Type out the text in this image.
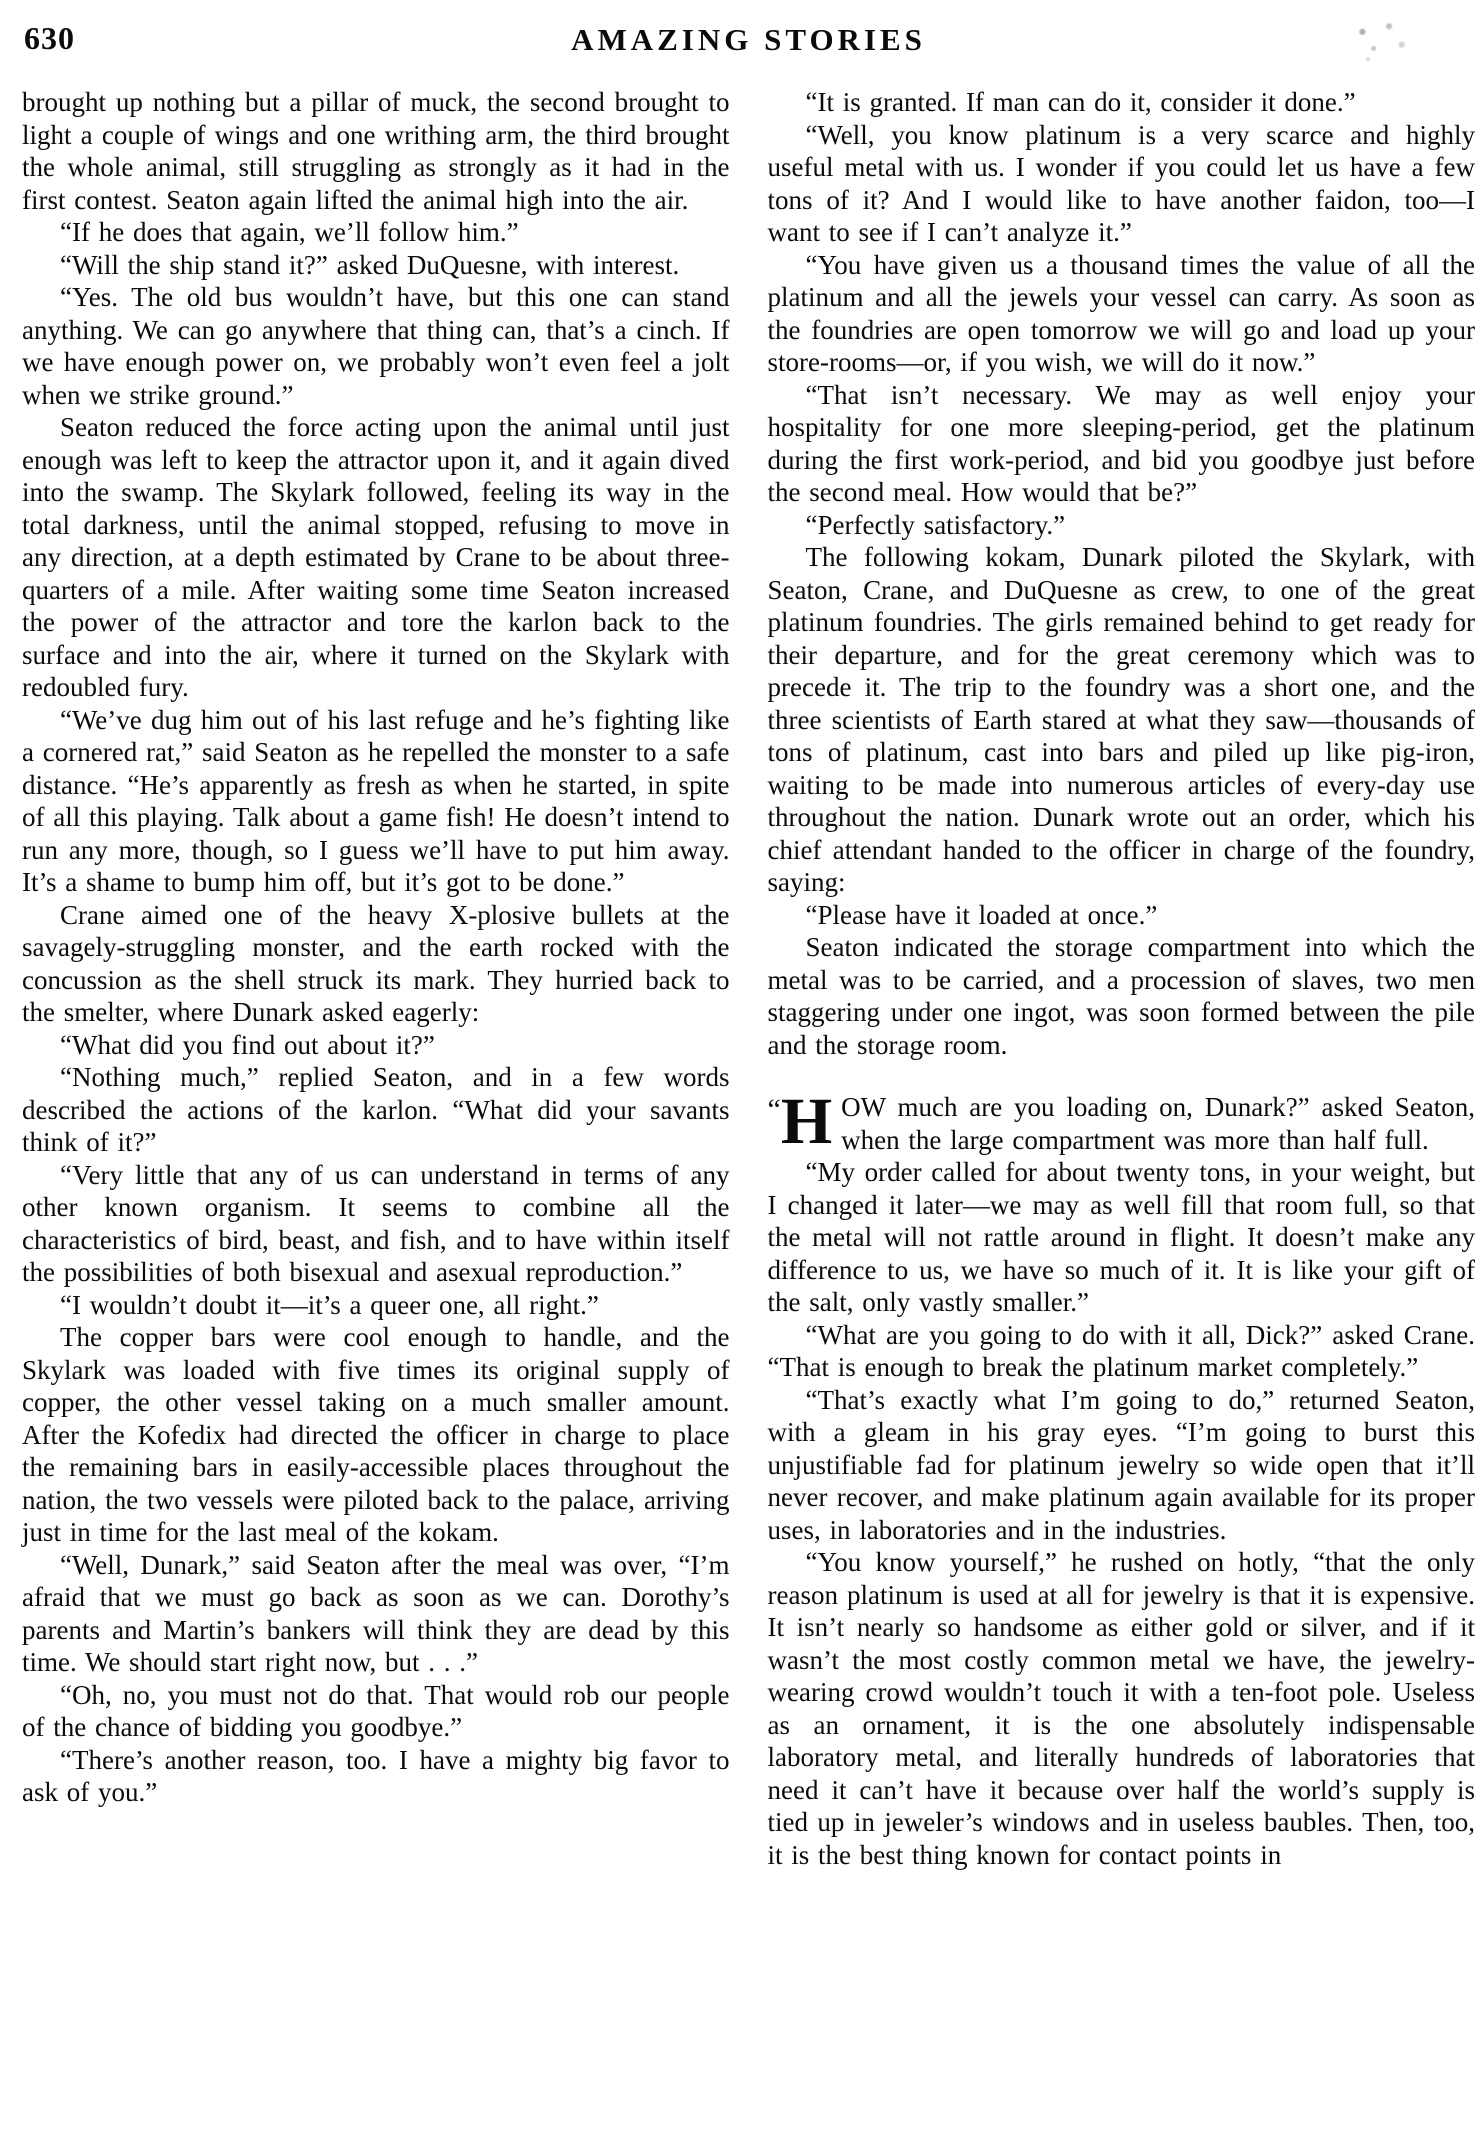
630	AMAZING STORIES

brought up nothing but a pillar of muck, the second brought to light a couple of wings and one writhing arm, the third brought the whole animal, still struggling as strongly as it had in the first contest. Seaton again lifted the animal high into the air.

“If he does that again, we’ll follow him.”

“Will the ship stand it?” asked DuQuesne, with interest.

“Yes. The old bus wouldn’t have, but this one can stand anything. We can go anywhere that thing can, that’s a cinch. If we have enough power on, we probably won’t even feel a jolt when we strike ground.”

Seaton reduced the force acting upon the animal until just enough was left to keep the attractor upon it, and it again dived into the swamp. The Skylark followed, feeling its way in the total darkness, until the animal stopped, refusing to move in any direction, at a depth estimated by Crane to be about three-quarters of a mile. After waiting some time Seaton increased the power of the attractor and tore the karlon back to the surface and into the air, where it turned on the Skylark with redoubled fury.

“We’ve dug him out of his last refuge and he’s fighting like a cornered rat,” said Seaton as he repelled the monster to a safe distance. “He’s apparently as fresh as when he started, in spite of all this playing. Talk about a game fish! He doesn’t intend to run any more, though, so I guess we’ll have to put him away. It’s a shame to bump him off, but it’s got to be done.”

Crane aimed one of the heavy X-plosive bullets at the savagely-struggling monster, and the earth rocked with the concussion as the shell struck its mark. They hurried back to the smelter, where Dunark asked eagerly:

“What did you find out about it?”

“Nothing much,” replied Seaton, and in a few words described the actions of the karlon. “What did your savants think of it?”

“Very little that any of us can understand in terms of any other known organism. It seems to combine all the characteristics of bird, beast, and fish, and to have within itself the possibilities of both bisexual and asexual reproduction.”

“I wouldn’t doubt it—it’s a queer one, all right.”

The copper bars were cool enough to handle, and the Skylark was loaded with five times its original supply of copper, the other vessel taking on a much smaller amount. After the Kofedix had directed the officer in charge to place the remaining bars in easily-accessible places throughout the nation, the two vessels were piloted back to the palace, arriving just in time for the last meal of the kokam.

“Well, Dunark,” said Seaton after the meal was over, “I’m afraid that we must go back as soon as we can. Dorothy’s parents and Martin’s bankers will think they are dead by this time. We should start right now, but . . .”

“Oh, no, you must not do that. That would rob our people of the chance of bidding you goodbye.”

“There’s another reason, too. I have a mighty big favor to ask of you.”

“It is granted. If man can do it, consider it done.”

“Well, you know platinum is a very scarce and highly useful metal with us. I wonder if you could let us have a few tons of it? And I would like to have another faidon, too—I want to see if I can’t analyze it.”

“You have given us a thousand times the value of all the platinum and all the jewels your vessel can carry. As soon as the foundries are open tomorrow we will go and load up your store-rooms—or, if you wish, we will do it now.”

“That isn’t necessary. We may as well enjoy your hospitality for one more sleeping-period, get the platinum during the first work-period, and bid you goodbye just before the second meal. How would that be?”

“Perfectly satisfactory.”

The following kokam, Dunark piloted the Skylark, with Seaton, Crane, and DuQuesne as crew, to one of the great platinum foundries. The girls remained behind to get ready for their departure, and for the great ceremony which was to precede it. The trip to the foundry was a short one, and the three scientists of Earth stared at what they saw—thousands of tons of platinum, cast into bars and piled up like pig-iron, waiting to be made into numerous articles of every-day use throughout the nation. Dunark wrote out an order, which his chief attendant handed to the officer in charge of the foundry, saying:

“Please have it loaded at once.”

Seaton indicated the storage compartment into which the metal was to be carried, and a procession of slaves, two men staggering under one ingot, was soon formed between the pile and the storage room.

“H OW much are you loading on, Dunark?” asked Seaton, when the large compartment was more than half full.

“My order called for about twenty tons, in your weight, but I changed it later—we may as well fill that room full, so that the metal will not rattle around in flight. It doesn’t make any difference to us, we have so much of it. It is like your gift of the salt, only vastly smaller.”

“What are you going to do with it all, Dick?” asked Crane. “That is enough to break the platinum market completely.”

“That’s exactly what I’m going to do,” returned Seaton, with a gleam in his gray eyes. “I’m going to burst this unjustifiable fad for platinum jewelry so wide open that it’ll never recover, and make platinum again available for its proper uses, in laboratories and in the industries.

“You know yourself,” he rushed on hotly, “that the only reason platinum is used at all for jewelry is that it is expensive. It isn’t nearly so handsome as either gold or silver, and if it wasn’t the most costly common metal we have, the jewelry-wearing crowd wouldn’t touch it with a ten-foot pole. Useless as an ornament, it is the one absolutely indispensable laboratory metal, and literally hundreds of laboratories that need it can’t have it because over half the world’s supply is tied up in jeweler’s windows and in useless baubles. Then, too, it is the best thing known for contact points in
